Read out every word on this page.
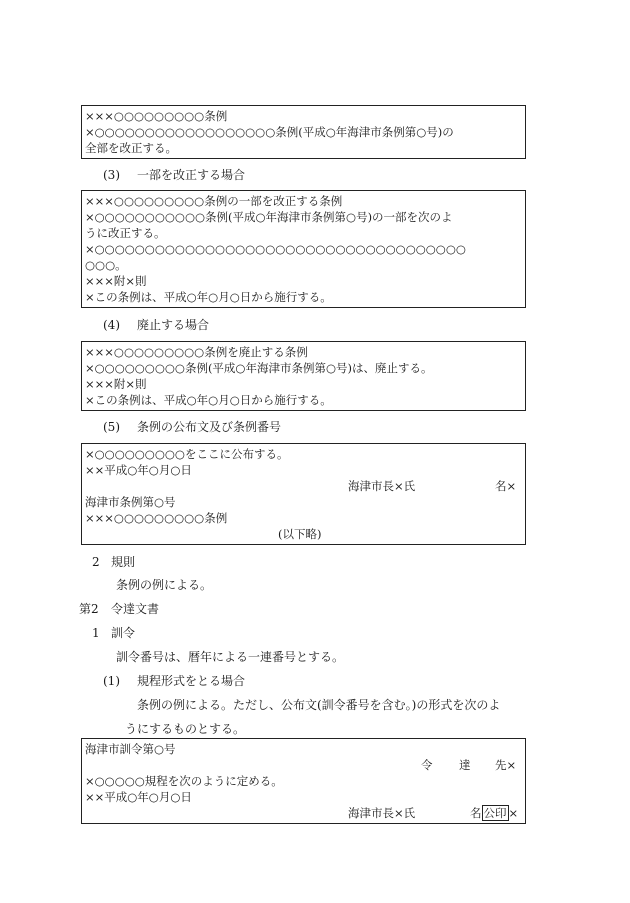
×××○○○○○○○○○条例
×○○○○○○○○○○○○○○○○○○条例(平成○年海津市条例第○号)の
全部を改正する。
(3) 一部を改正する場合
×××○○○○○○○○○条例の一部を改正する条例
×○○○○○○○○○○○条例(平成○年海津市条例第○号)の一部を次のよ
うに改正する。
×○○○○○○○○○○○○○○○○○○○○○○○○○○○○○○○○○○○○○
○○○。
×××附×則
×この条例は、平成○年○月○日から施行する。
(4) 廃止する場合
×××○○○○○○○○○条例を廃止する条例
×○○○○○○○○○条例(平成○年海津市条例第○号)は、廃止する。
×××附×則
×この条例は、平成○年○月○日から施行する。
(5) 条例の公布文及び条例番号
×○○○○○○○○○をここに公布する。
××平成○年○月○日
海津市長×氏	名×
海津市条例第○号
×××○○○○○○○○○条例
(以下略)
2 規則
条例の例による。
第2 令達文書
1 訓令
訓令番号は、暦年による一連番号とする。
(1) 規程形式をとる場合
条例の例による。ただし、公布文(訓令番号を含む。)の形式を次のよ
うにするものとする。
海津市訓令第○号
令 達 先×
×○○○○○規程を次のように定める。
××平成○年○月○日
海津市長×氏	名 公印 ×
